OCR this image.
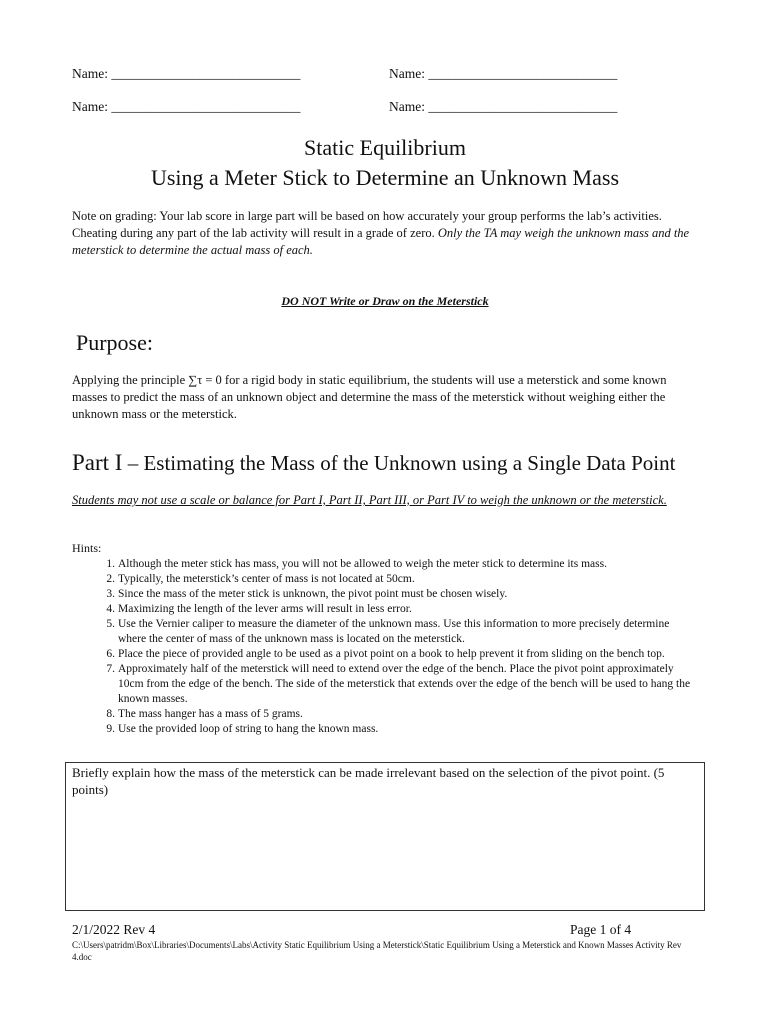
Name: ____________________________	Name: ____________________________
Name: ____________________________	Name: ____________________________
Static Equilibrium
Using a Meter Stick to Determine an Unknown Mass
Note on grading: Your lab score in large part will be based on how accurately your group performs the lab’s activities. Cheating during any part of the lab activity will result in a grade of zero. Only the TA may weigh the unknown mass and the meterstick to determine the actual mass of each.
DO NOT Write or Draw on the Meterstick
Purpose:
Applying the principle ∑τ = 0 for a rigid body in static equilibrium, the students will use a meterstick and some known masses to predict the mass of an unknown object and determine the mass of the meterstick without weighing either the unknown mass or the meterstick.
Part I – Estimating the Mass of the Unknown using a Single Data Point
Students may not use a scale or balance for Part I, Part II, Part III, or Part IV to weigh the unknown or the meterstick.
Hints:
1. Although the meter stick has mass, you will not be allowed to weigh the meter stick to determine its mass.
2. Typically, the meterstick’s center of mass is not located at 50cm.
3. Since the mass of the meter stick is unknown, the pivot point must be chosen wisely.
4. Maximizing the length of the lever arms will result in less error.
5. Use the Vernier caliper to measure the diameter of the unknown mass. Use this information to more precisely determine where the center of mass of the unknown mass is located on the meterstick.
6. Place the piece of provided angle to be used as a pivot point on a book to help prevent it from sliding on the bench top.
7. Approximately half of the meterstick will need to extend over the edge of the bench. Place the pivot point approximately 10cm from the edge of the bench. The side of the meterstick that extends over the edge of the bench will be used to hang the known masses.
8. The mass hanger has a mass of 5 grams.
9. Use the provided loop of string to hang the known mass.
Briefly explain how the mass of the meterstick can be made irrelevant based on the selection of the pivot point. (5 points)
2/1/2022 Rev 4	Page 1 of 4
C:\Users\patridm\Box\Libraries\Documents\Labs\Activity Static Equilibrium Using a Meterstick\Static Equilibrium Using a Meterstick and Known Masses Activity Rev 4.doc
